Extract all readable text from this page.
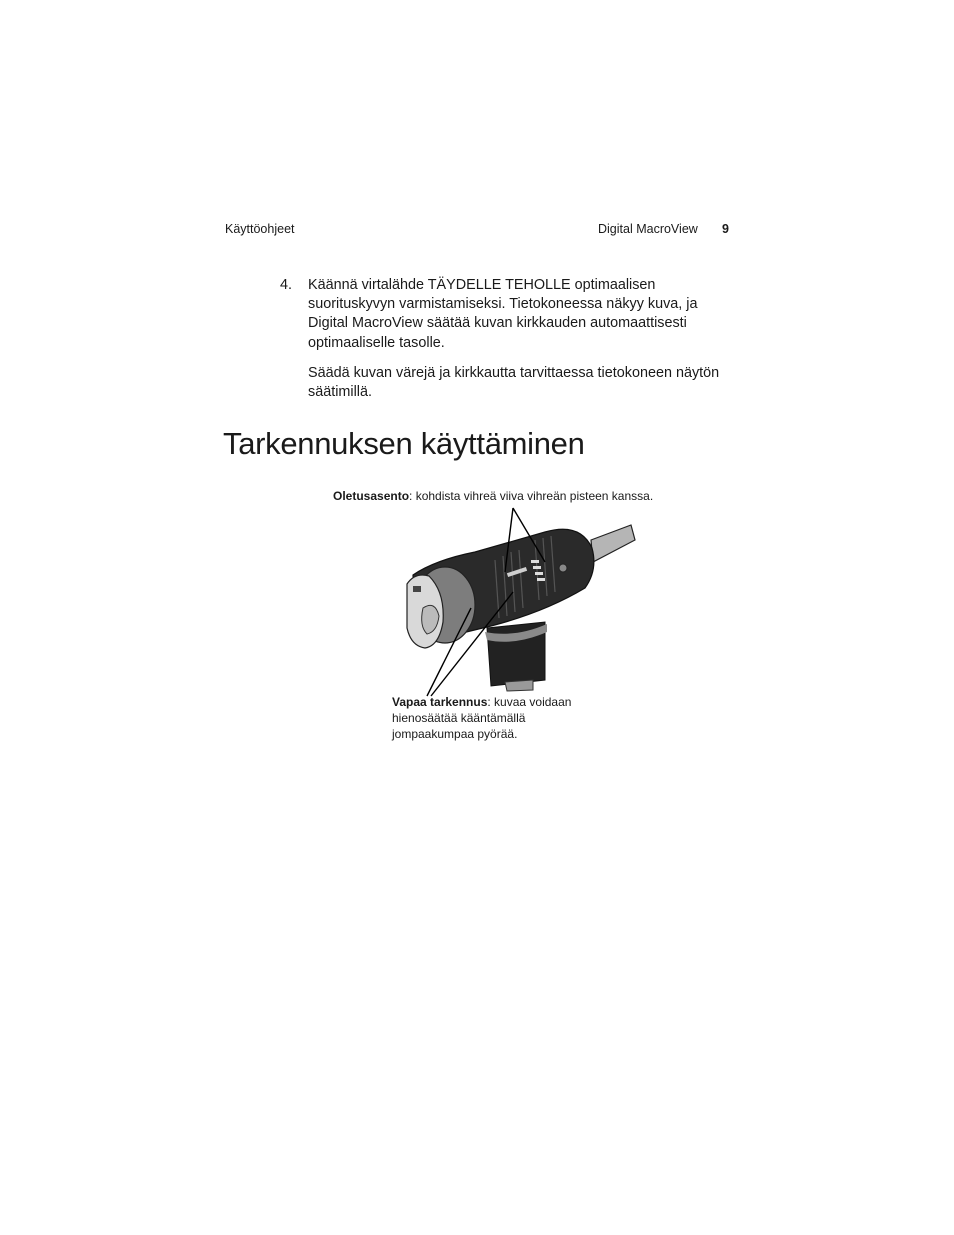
Käyttöohjeet	Digital MacroView 9
4. Käännä virtalähde TÄYDELLE TEHOLLE optimaalisen suorituskyvyn varmistamiseksi. Tietokoneessa näkyy kuva, ja Digital MacroView säätää kuvan kirkkauden automaattisesti optimaaliselle tasolle.
Säädä kuvan värejä ja kirkkautta tarvittaessa tietokoneen näytön säätimillä.
Tarkennuksen käyttäminen
Oletusasento: kohdista vihreä viiva vihreän pisteen kanssa.
Vapaa tarkennus: kuvaa voidaan hienosäätää kääntämällä jompaakumpaa pyörää.
